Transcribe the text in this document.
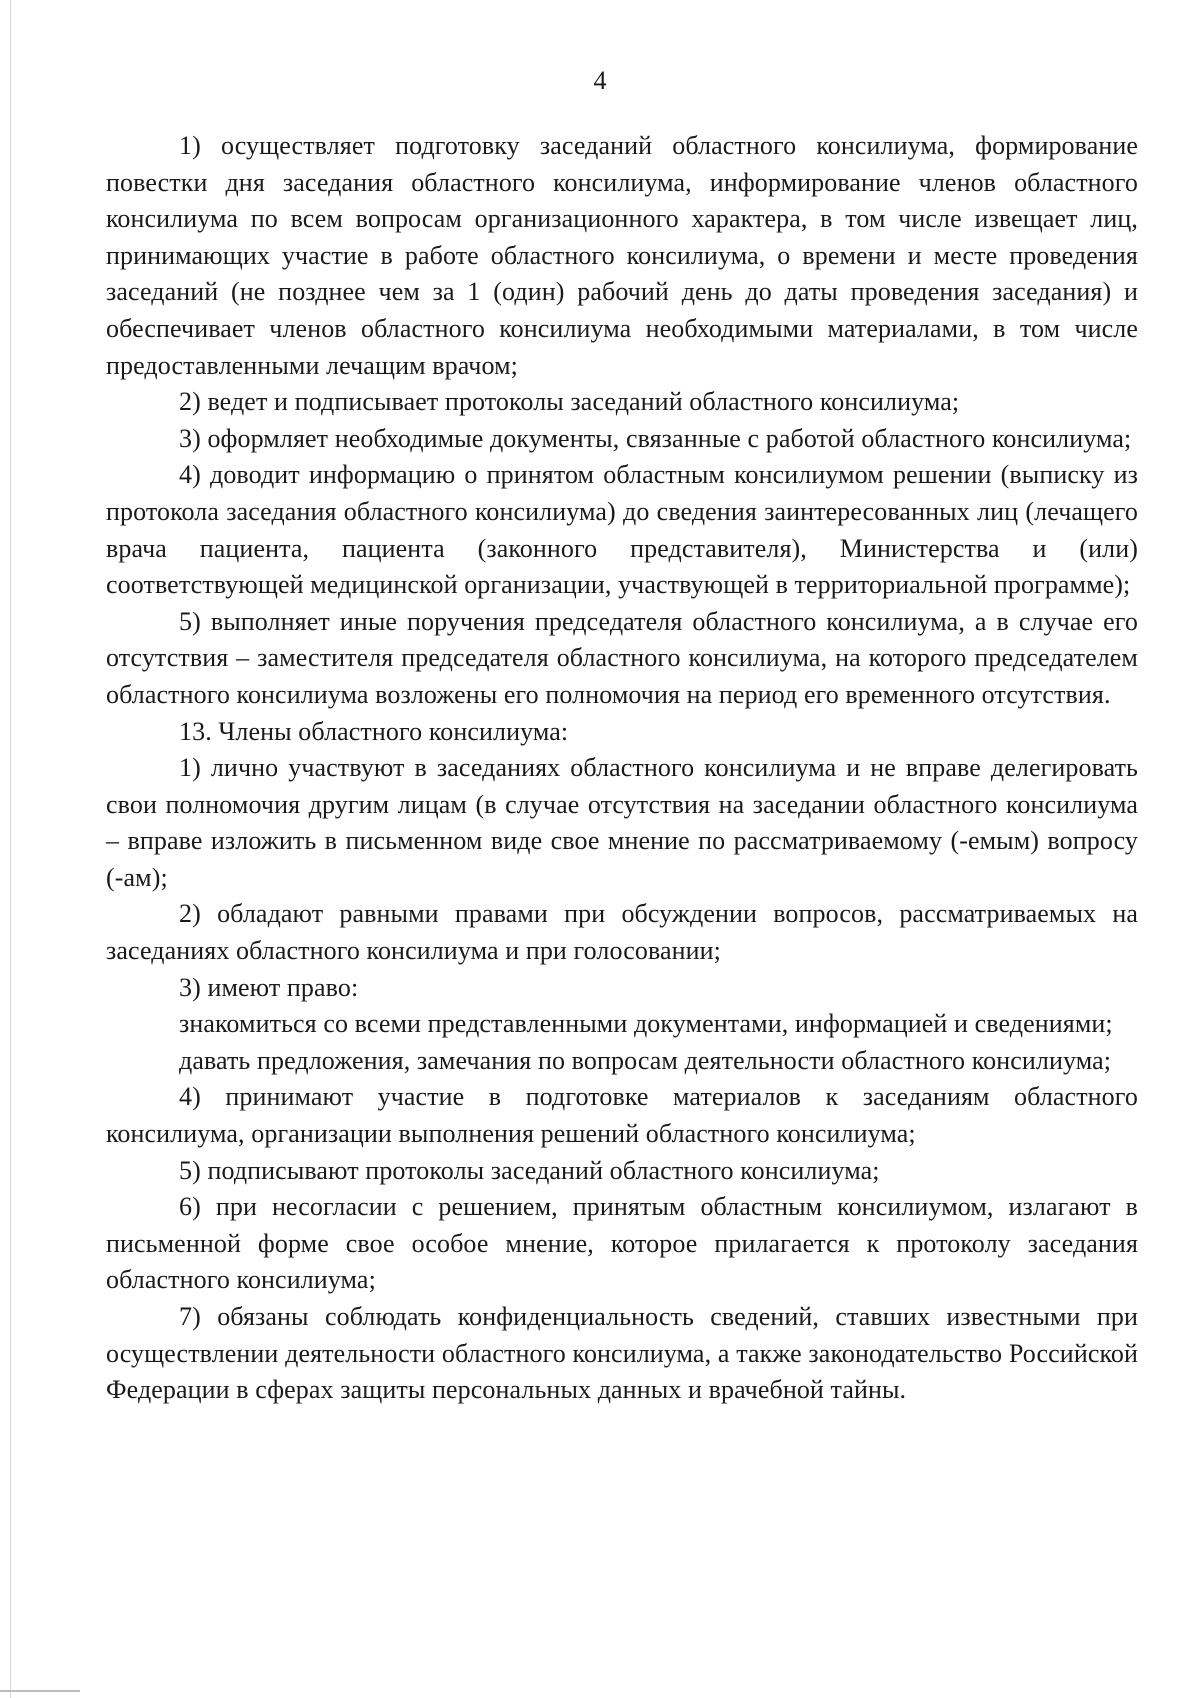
4

1) осуществляет подготовку заседаний областного консилиума, формирование повестки дня заседания областного консилиума, информирование членов областного консилиума по всем вопросам организационного характера, в том числе извещает лиц, принимающих участие в работе областного консилиума, о времени и месте проведения заседаний (не позднее чем за 1 (один) рабочий день до даты проведения заседания) и обеспечивает членов областного консилиума необходимыми материалами, в том числе предоставленными лечащим врачом;

2) ведет и подписывает протоколы заседаний областного консилиума;

3) оформляет необходимые документы, связанные с работой областного консилиума;

4) доводит информацию о принятом областным консилиумом решении (выписку из протокола заседания областного консилиума) до сведения заинтересованных лиц (лечащего врача пациента, пациента (законного представителя), Министерства и (или) соответствующей медицинской организации, участвующей в территориальной программе);

5) выполняет иные поручения председателя областного консилиума, а в случае его отсутствия – заместителя председателя областного консилиума, на которого председателем областного консилиума возложены его полномочия на период его временного отсутствия.

13. Члены областного консилиума:

1) лично участвуют в заседаниях областного консилиума и не вправе делегировать свои полномочия другим лицам (в случае отсутствия на заседании областного консилиума – вправе изложить в письменном виде свое мнение по рассматриваемому (-емым) вопросу (-ам);

2) обладают равными правами при обсуждении вопросов, рассматриваемых на заседаниях областного консилиума и при голосовании;

3) имеют право:

знакомиться со всеми представленными документами, информацией и сведениями;

давать предложения, замечания по вопросам деятельности областного консилиума;

4) принимают участие в подготовке материалов к заседаниям областного консилиума, организации выполнения решений областного консилиума;

5) подписывают протоколы заседаний областного консилиума;

6) при несогласии с решением, принятым областным консилиумом, излагают в письменной форме свое особое мнение, которое прилагается к протоколу заседания областного консилиума;

7) обязаны соблюдать конфиденциальность сведений, ставших известными при осуществлении деятельности областного консилиума, а также законодательство Российской Федерации в сферах защиты персональных данных и врачебной тайны.
